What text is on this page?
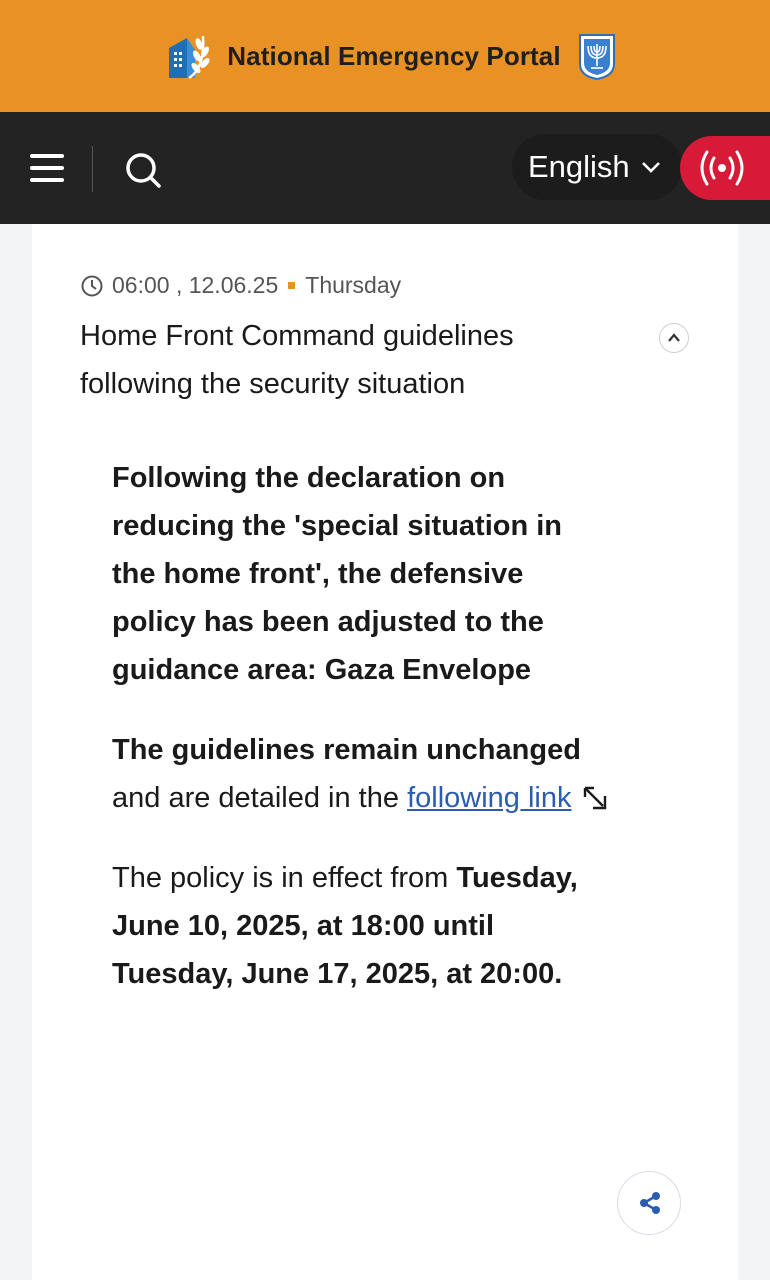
National Emergency Portal
English
06:00 , 12.06.25 Thursday
Home Front Command guidelines following the security situation

Following the declaration on reducing the 'special situation in the home front', the defensive policy has been adjusted to the guidance area: Gaza Envelope

The guidelines remain unchanged and are detailed in the following link

The policy is in effect from Tuesday, June 10, 2025, at 18:00 until Tuesday, June 17, 2025, at 20:00.
